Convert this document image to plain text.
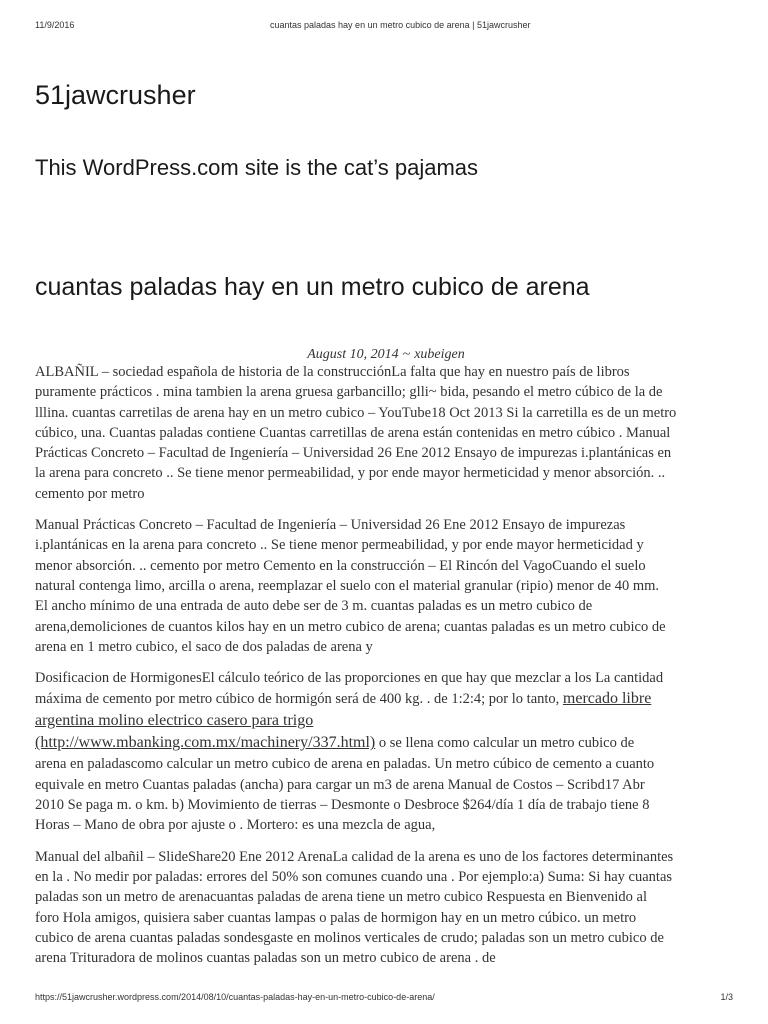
11/9/2016	cuantas paladas hay en un metro cubico de arena | 51jawcrusher
51jawcrusher
This WordPress.com site is the cat’s pajamas
cuantas paladas hay en un metro cubico de arena
August 10, 2014 ~ xubeigen
ALBAÑIL – sociedad española de historia de la construcciónLa falta que hay en nuestro país de libros
puramente prácticos . mina tambien la arena gruesa garbancillo; glli~ bida, pesando el metro cúbico de la de
lllina. cuantas carretilas de arena hay en un metro cubico – YouTube18 Oct 2013 Si la carretilla es de un metro
cúbico, una. Cuantas paladas contiene Cuantas carretillas de arena están contenidas en metro cúbico . Manual
Prácticas Concreto – Facultad de Ingeniería – Universidad 26 Ene 2012 Ensayo de impurezas i.plantánicas en
la arena para concreto .. Se tiene menor permeabilidad, y por ende mayor hermeticidad y menor absorción. ..
cemento por metro
Manual Prácticas Concreto – Facultad de Ingeniería – Universidad 26 Ene 2012 Ensayo de impurezas
i.plantánicas en la arena para concreto .. Se tiene menor permeabilidad, y por ende mayor hermeticidad y
menor absorción. .. cemento por metro Cemento en la construcción – El Rincón del VagoCuando el suelo
natural contenga limo, arcilla o arena, reemplazar el suelo con el material granular (ripio) menor de 40 mm.
El ancho mínimo de una entrada de auto debe ser de 3 m. cuantas paladas es un metro cubico de
arena,demoliciones de cuantos kilos hay en un metro cubico de arena; cuantas paladas es un metro cubico de
arena en 1 metro cubico, el saco de dos paladas de arena y
Dosificacion de HormigonesEl cálculo teórico de las proporciones en que hay que mezclar a los La cantidad
máxima de cemento por metro cúbico de hormigón será de 400 kg. . de 1:2:4; por lo tanto, mercado libre
argentina molino electrico casero para trigo
(http://www.mbanking.com.mx/machinery/337.html) o se llena como calcular un metro cubico de
arena en paladascomo calcular un metro cubico de arena en paladas. Un metro cúbico de cemento a cuanto
equivale en metro Cuantas paladas (ancha) para cargar un m3 de arena Manual de Costos – Scribd17 Abr
2010 Se paga m. o km. b) Movimiento de tierras – Desmonte o Desbroce $264/día 1 día de trabajo tiene 8
Horas – Mano de obra por ajuste o . Mortero: es una mezcla de agua,
Manual del albañil – SlideShare20 Ene 2012 ArenaLa calidad de la arena es uno de los factores determinantes
en la . No medir por paladas: errores del 50% son comunes cuando una . Por ejemplo:a) Suma: Si hay cuantas
paladas son un metro de arenacuantas paladas de arena tiene un metro cubico Respuesta en Bienvenido al
foro Hola amigos, quisiera saber cuantas lampas o palas de hormigon hay en un metro cúbico. un metro
cubico de arena cuantas paladas sondesgaste en molinos verticales de crudo; paladas son un metro cubico de
arena Trituradora de molinos cuantas paladas son un metro cubico de arena . de
https://51jawcrusher.wordpress.com/2014/08/10/cuantas-paladas-hay-en-un-metro-cubico-de-arena/	1/3
